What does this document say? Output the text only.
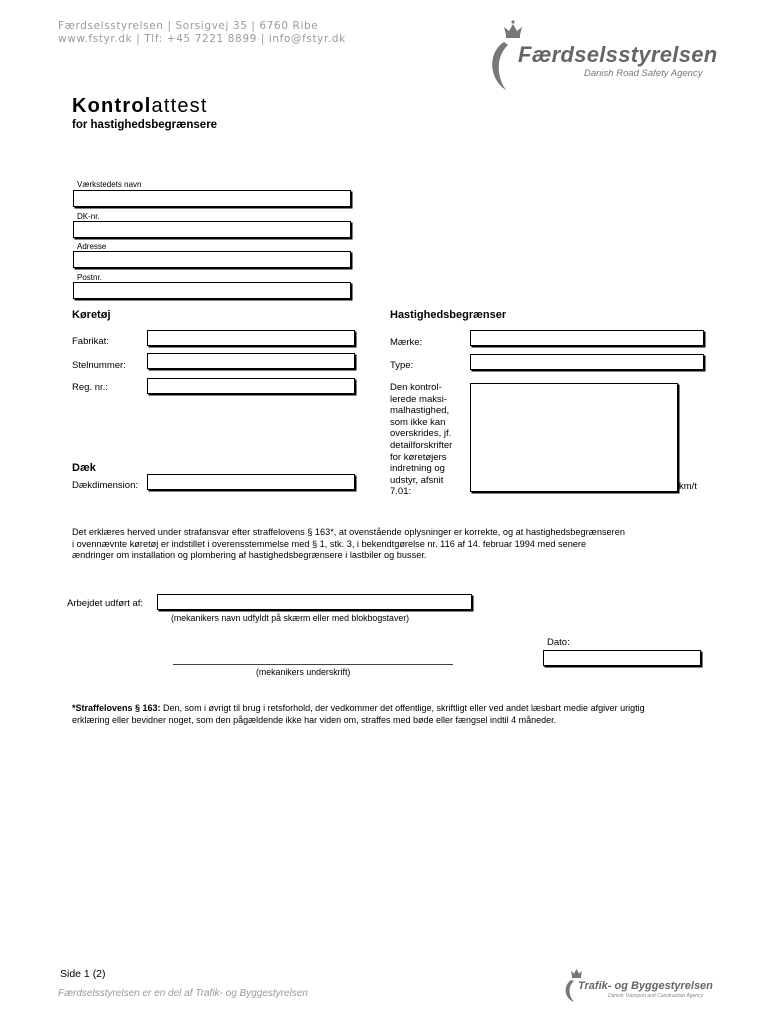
Færdselsstyrelsen | Sorsigvej 35 | 6760 Ribe
www.fstyr.dk | Tlf: +45 7221 8899 | info@fstyr.dk
Færdselsstyrelsen
Danish Road Safety Agency
Kontrolattest
for hastighedsbegrænsere
Værkstedets navn
DK-nr.
Adresse
Postnr.
Køretøj
Fabrikat:
Stelnummer:
Reg. nr.:
Dæk
Dækdimension:
Hastighedsbegrænser
Mærke:
Type:
Den kontrol-
lerede maksi-
malhastighed,
som ikke kan
overskrides, jf.
detailforskrifter
for køretøjers
indretning og
udstyr, afsnit
7.01:	km/t
Det erklæres herved under strafansvar efter straffelovens § 163*, at ovenstående oplysninger er korrekte, og at hastighedsbegrænseren
i ovennævnte køretøj er indstillet i overensstemmelse med § 1, stk. 3, i bekendtgørelse nr. 116 af 14. februar 1994 med senere
ændringer om installation og plombering af hastighedsbegrænsere i lastbiler og busser.
Arbejdet udført af:
(mekanikers navn udfyldt på skærm eller med blokbogstaver)
Dato:
(mekanikers underskrift)
*Straffelovens § 163: Den, som i øvrigt til brug i retsforhold, der vedkommer det offentlige, skriftligt eller ved andet læsbart medie afgiver urigtig
erklæring eller bevidner noget, som den pågældende ikke har viden om, straffes med bøde eller fængsel indtil 4 måneder.
Side 1 (2)
Færdselsstyrelsen er en del af Trafik- og Byggestyrelsen
Trafik- og Byggestyrelsen
Danish Transport and Construction Agency
